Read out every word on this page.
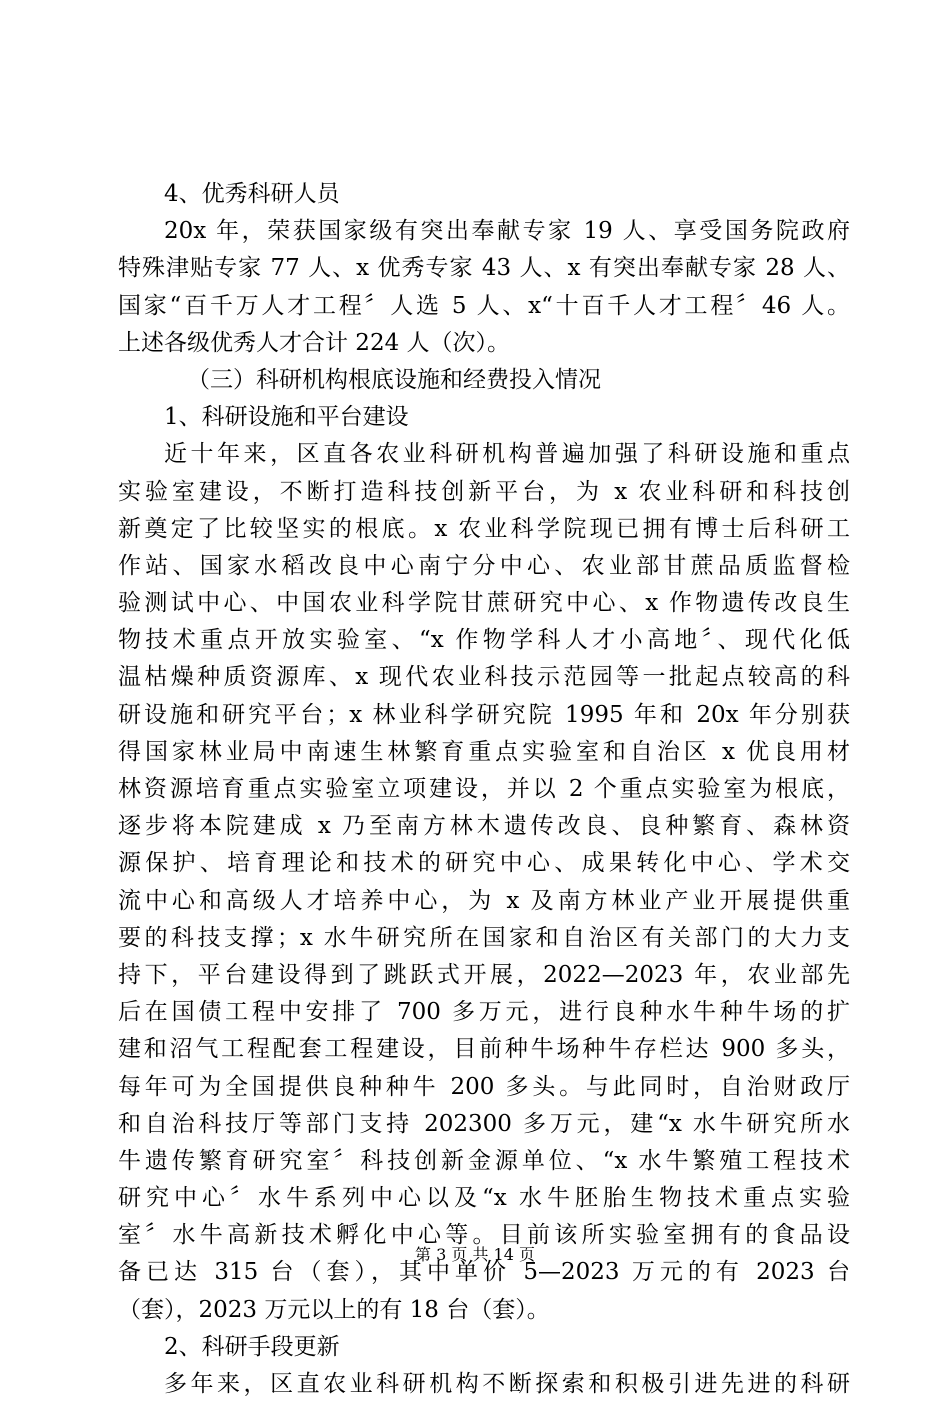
4、优秀科研人员
20x 年，荣获国家级有突出奉献专家 19 人、享受国务院政府
特殊津贴专家 77 人、x 优秀专家 43 人、x 有突出奉献专家 28 人、
国家“百千万人才工程〞人选 5 人、x“十百千人才工程〞46 人。
上述各级优秀人才合计 224 人（次）。
（三）科研机构根底设施和经费投入情况
1、科研设施和平台建设
近十年来，区直各农业科研机构普遍加强了科研设施和重点
实验室建设，不断打造科技创新平台，为 x 农业科研和科技创
新奠定了比较坚实的根底。x 农业科学院现已拥有博士后科研工
作站、国家水稻改良中心南宁分中心、农业部甘蔗品质监督检
验测试中心、中国农业科学院甘蔗研究中心、x 作物遗传改良生
物技术重点开放实验室、“x 作物学科人才小高地〞、现代化低
温枯燥种质资源库、x 现代农业科技示范园等一批起点较高的科
研设施和研究平台；x 林业科学研究院 1995 年和 20x 年分别获
得国家林业局中南速生林繁育重点实验室和自治区 x 优良用材
林资源培育重点实验室立项建设，并以 2 个重点实验室为根底，
逐步将本院建成 x 乃至南方林木遗传改良、良种繁育、森林资
源保护、培育理论和技术的研究中心、成果转化中心、学术交
流中心和高级人才培养中心，为 x 及南方林业产业开展提供重
要的科技支撑；x 水牛研究所在国家和自治区有关部门的大力支
持下，平台建设得到了跳跃式开展，2022—2023 年，农业部先
后在国债工程中安排了 700 多万元，进行良种水牛种牛场的扩
建和沼气工程配套工程建设，目前种牛场种牛存栏达 900 多头，
每年可为全国提供良种种牛 200 多头。与此同时，自治财政厅
和自治科技厅等部门支持 202300 多万元，建“x 水牛研究所水
牛遗传繁育研究室〞科技创新金源单位、“x 水牛繁殖工程技术
研究中心〞水牛系列中心以及“x 水牛胚胎生物技术重点实验
室〞水牛高新技术孵化中心等。目前该所实验室拥有的食品设
备已达 315 台（套），其中单价 5—2023 万元的有 2023 台
（套），2023 万元以上的有 18 台（套）。
2、科研手段更新
多年来，区直农业科研机构不断探索和积极引进先进的科研
第 3 页 共 14 页
